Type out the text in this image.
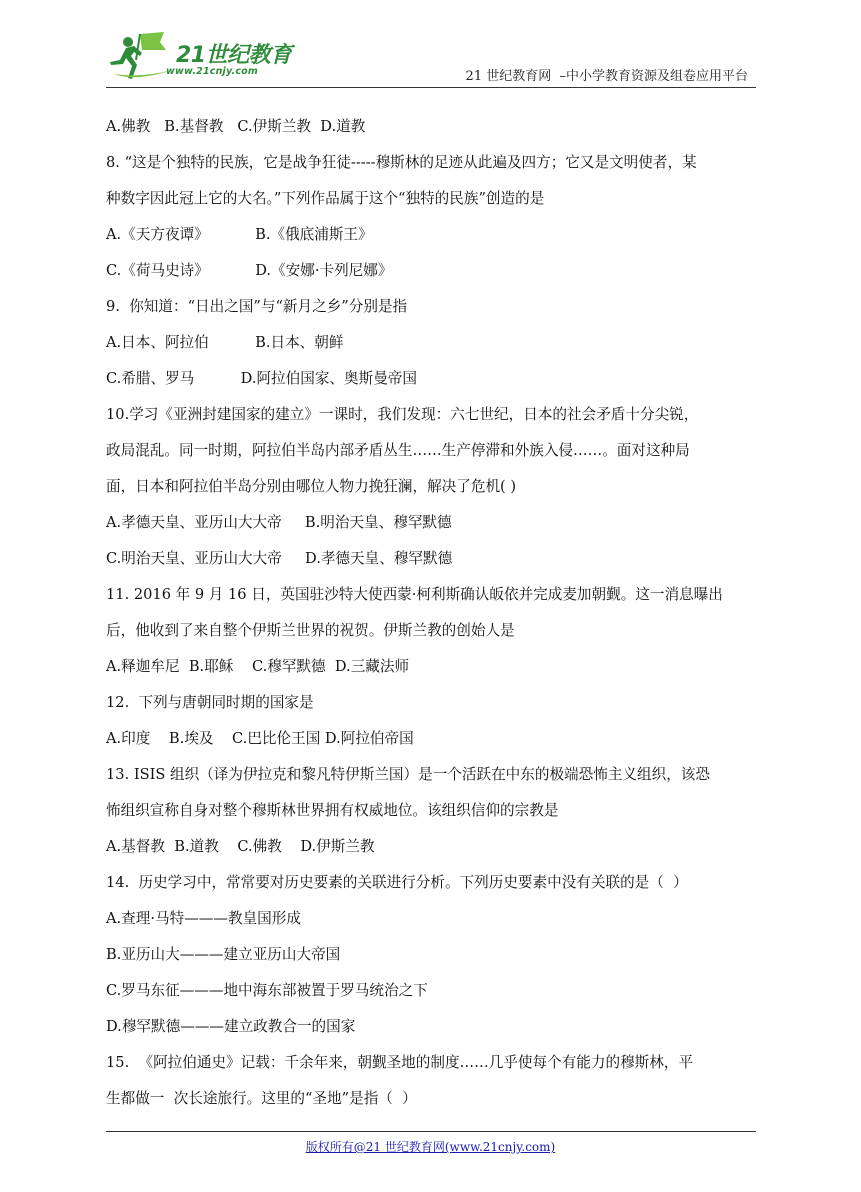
21世纪教育
www.21cnjy.com	21 世纪教育网  –中小学教育资源及组卷应用平台
A.佛教   B.基督教   C.伊斯兰教  D.道教
8. “这是个独特的民族，它是战争狂徒-----穆斯林的足迹从此遍及四方；它又是文明使者，某
种数字因此冠上它的大名。”下列作品属于这个“独特的民族”创造的是
A.《天方夜谭》          B.《俄底浦斯王》
C.《荷马史诗》          D.《安娜·卡列尼娜》
9.  你知道：“日出之国”与“新月之乡”分别是指
A.日本、阿拉伯          B.日本、朝鲜
C.希腊、罗马          D.阿拉伯国家、奥斯曼帝国
10.学习《亚洲封建国家的建立》一课时，我们发现：六七世纪，日本的社会矛盾十分尖锐，
政局混乱。同一时期，阿拉伯半岛内部矛盾丛生……生产停滞和外族入侵……。面对这种局
面，日本和阿拉伯半岛分别由哪位人物力挽狂澜，解决了危机( )
A.孝德天皇、亚历山大大帝     B.明治天皇、穆罕默德
C.明治天皇、亚历山大大帝     D.孝德天皇、穆罕默德
11. 2016 年 9 月 16 日，英国驻沙特大使西蒙·柯利斯确认皈依并完成麦加朝觐。这一消息曝出
后，他收到了来自整个伊斯兰世界的祝贺。伊斯兰教的创始人是
A.释迦牟尼  B.耶稣    C.穆罕默德  D.三藏法师
12.  下列与唐朝同时期的国家是
A.印度    B.埃及    C.巴比伦王国 D.阿拉伯帝国
13. ISIS 组织（译为伊拉克和黎凡特伊斯兰国）是一个活跃在中东的极端恐怖主义组织，该恐
怖组织宣称自身对整个穆斯林世界拥有权威地位。该组织信仰的宗教是
A.基督教  B.道教    C.佛教    D.伊斯兰教
14.  历史学习中，常常要对历史要素的关联进行分析。下列历史要素中没有关联的是（  ）
A.查理·马特———教皇国形成
B.亚历山大———建立亚历山大帝国
C.罗马东征———地中海东部被置于罗马统治之下
D.穆罕默德———建立政教合一的国家
15.  《阿拉伯通史》记载：千余年来，朝觐圣地的制度……几乎使每个有能力的穆斯林，平
生都做一  次长途旅行。这里的“圣地”是指（  ）
版权所有@21 世纪教育网(www.21cnjy.com)
